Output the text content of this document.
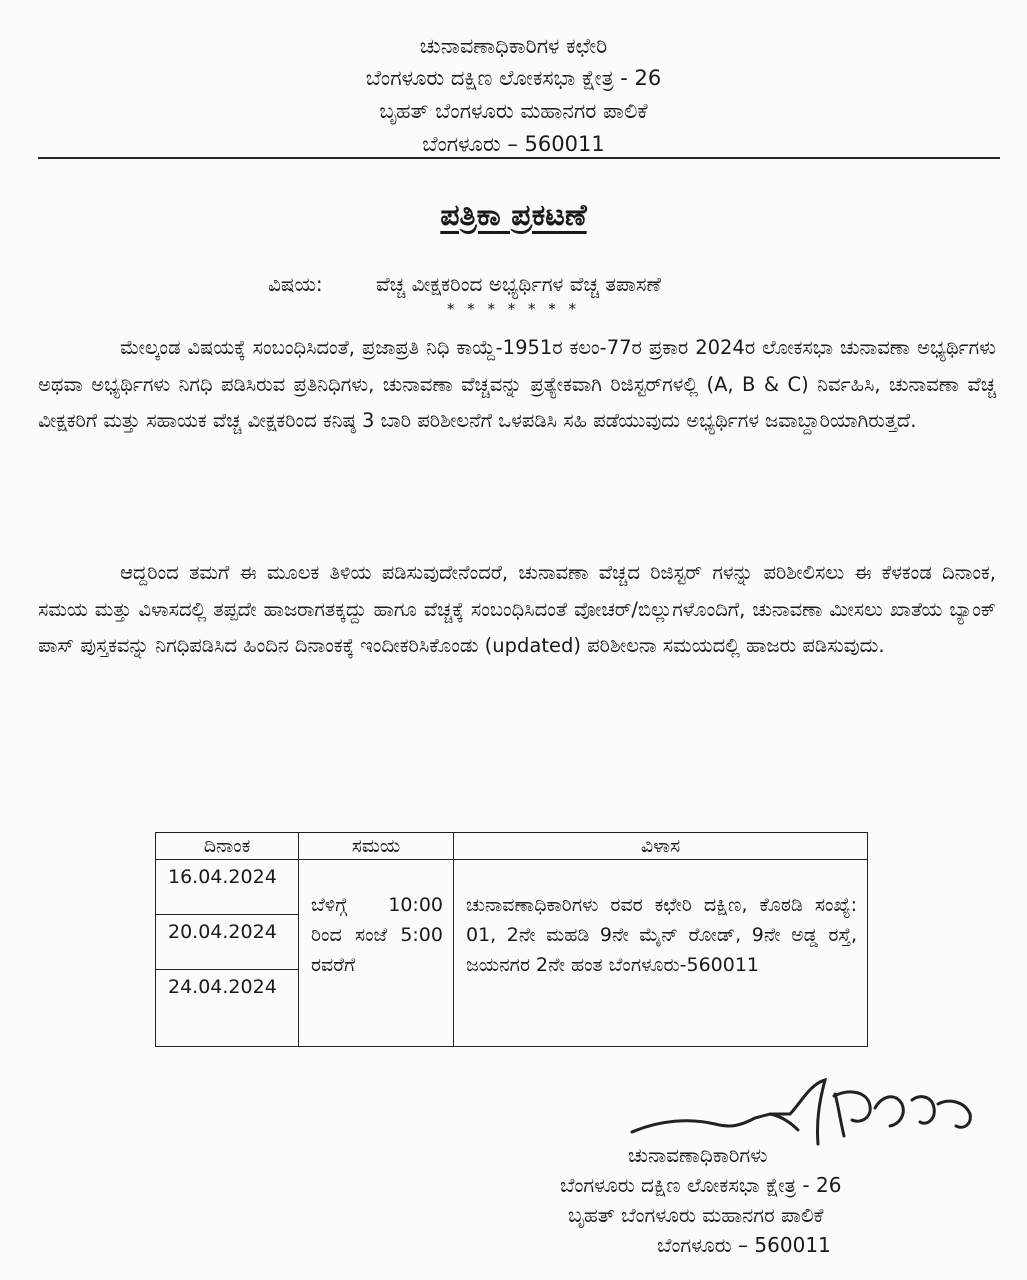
ಚುನಾವಣಾಧಿಕಾರಿಗಳ ಕಛೇರಿ
ಬೆಂಗಳೂರು ದಕ್ಷಿಣ ಲೋಕಸಭಾ ಕ್ಷೇತ್ರ - 26
ಬೃಹತ್ ಬೆಂಗಳೂರು ಮಹಾನಗರ ಪಾಲಿಕೆ
ಬೆಂಗಳೂರು – 560011
ಪತ್ರಿಕಾ ಪ್ರಕಟಣೆ
ವಿಷಯ:	ವೆಚ್ಚ ವೀಕ್ಷಕರಿಂದ ಅಭ್ಯರ್ಥಿಗಳ ವೆಚ್ಚ ತಪಾಸಣೆ
* * * * * * *
ಮೇಲ್ಕಂಡ ವಿಷಯಕ್ಕೆ ಸಂಬಂಧಿಸಿದಂತೆ, ಪ್ರಜಾಪ್ರತಿ ನಿಧಿ ಕಾಯ್ದೆ-1951ರ ಕಲಂ-77ರ ಪ್ರಕಾರ 2024ರ ಲೋಕಸಭಾ ಚುನಾವಣಾ ಅಭ್ಯರ್ಥಿಗಳು ಅಥವಾ ಅಭ್ಯರ್ಥಿಗಳು ನಿಗಧಿ ಪಡಿಸಿರುವ ಪ್ರತಿನಿಧಿಗಳು, ಚುನಾವಣಾ ವೆಚ್ಚವನ್ನು ಪ್ರತ್ಯೇಕವಾಗಿ ರಿಜಿಸ್ಟರ್‌ಗಳಲ್ಲಿ (A, B & C) ನಿರ್ವಹಿಸಿ, ಚುನಾವಣಾ ವೆಚ್ಚ ವೀಕ್ಷಕರಿಗೆ ಮತ್ತು ಸಹಾಯಕ ವೆಚ್ಚ ವೀಕ್ಷಕರಿಂದ ಕನಿಷ್ಠ 3 ಬಾರಿ ಪರಿಶೀಲನೆಗೆ ಒಳಪಡಿಸಿ ಸಹಿ ಪಡೆಯುವುದು ಅಭ್ಯರ್ಥಿಗಳ ಜವಾಬ್ದಾರಿಯಾಗಿರುತ್ತದೆ.
ಆದ್ದರಿಂದ ತಮಗೆ ಈ ಮೂಲಕ ತಿಳಿಯ ಪಡಿಸುವುದೇನೆಂದರೆ, ಚುನಾವಣಾ ವೆಚ್ಚದ ರಿಜಿಸ್ಟರ್ ಗಳನ್ನು ಪರಿಶೀಲಿಸಲು ಈ ಕೆಳಕಂಡ ದಿನಾಂಕ, ಸಮಯ ಮತ್ತು ವಿಳಾಸದಲ್ಲಿ ತಪ್ಪದೇ ಹಾಜರಾಗತಕ್ಕದ್ದು ಹಾಗೂ ವೆಚ್ಚಕ್ಕೆ ಸಂಬಂಧಿಸಿದಂತೆ ವೋಚರ್/ಬಿಲ್ಲುಗಳೊಂದಿಗೆ, ಚುನಾವಣಾ ಮೀಸಲು ಖಾತೆಯ ಬ್ಯಾಂಕ್ ಪಾಸ್ ಪುಸ್ತಕವನ್ನು ನಿಗಧಿಪಡಿಸಿದ ಹಿಂದಿನ ದಿನಾಂಕಕ್ಕೆ ಇಂದೀಕರಿಸಿಕೊಂಡು (updated) ಪರಿಶೀಲನಾ ಸಮಯದಲ್ಲಿ ಹಾಜರು ಪಡಿಸುವುದು.
ದಿನಾಂಕ	ಸಮಯ	ವಿಳಾಸ
16.04.2024	ಬೆಳಿಗ್ಗೆ 10:00 ರಿಂದ ಸಂಜೆ 5:00 ರವರೆಗೆ	ಚುನಾವಣಾಧಿಕಾರಿಗಳು ರವರ ಕಛೇರಿ ದಕ್ಷಿಣ, ಕೊಠಡಿ ಸಂಖ್ಯೆ: 01, 2ನೇ ಮಹಡಿ 9ನೇ ಮೈನ್ ರೋಡ್, 9ನೇ ಅಡ್ಡ ರಸ್ತೆ, ಜಯನಗರ 2ನೇ ಹಂತ ಬೆಂಗಳೂರು-560011
20.04.2024		
24.04.2024		
ಚುನಾವಣಾಧಿಕಾರಿಗಳು
ಬೆಂಗಳೂರು ದಕ್ಷಿಣ ಲೋಕಸಭಾ ಕ್ಷೇತ್ರ - 26
ಬೃಹತ್ ಬೆಂಗಳೂರು ಮಹಾನಗರ ಪಾಲಿಕೆ
ಬೆಂಗಳೂರು – 560011
